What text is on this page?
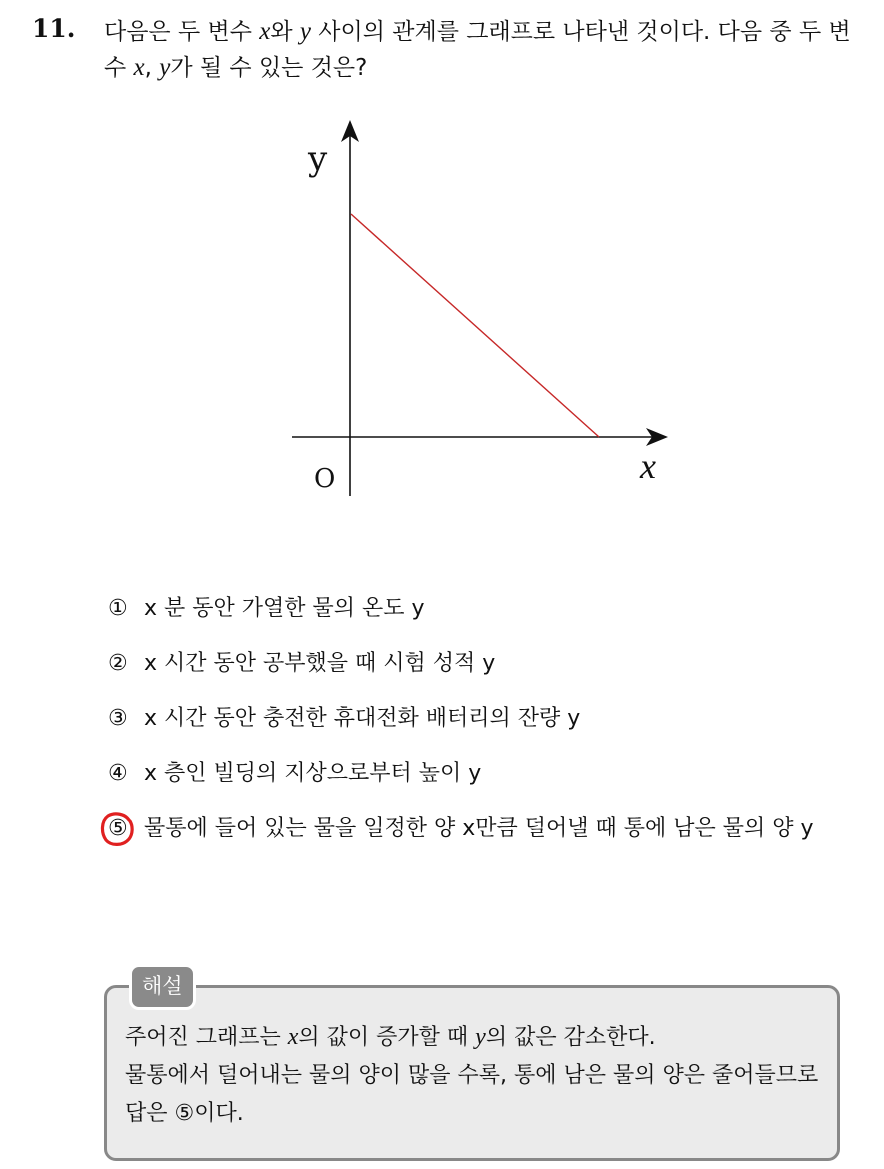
11. 다음은 두 변수 x와 y 사이의 관계를 그래프로 나타낸 것이다. 다음 중 두 변수 x, y가 될 수 있는 것은?
y
x
O
① x 분 동안 가열한 물의 온도 y
② x 시간 동안 공부했을 때 시험 성적 y
③ x 시간 동안 충전한 휴대전화 배터리의 잔량 y
④ x 층인 빌딩의 지상으로부터 높이 y
⑤ 물통에 들어 있는 물을 일정한 양 x만큼 덜어낼 때 통에 남은 물의 양 y
해설
주어진 그래프는 x의 값이 증가할 때 y의 값은 감소한다.
물통에서 덜어내는 물의 양이 많을 수록, 통에 남은 물의 양은 줄어들므로 답은 ⑤이다.
